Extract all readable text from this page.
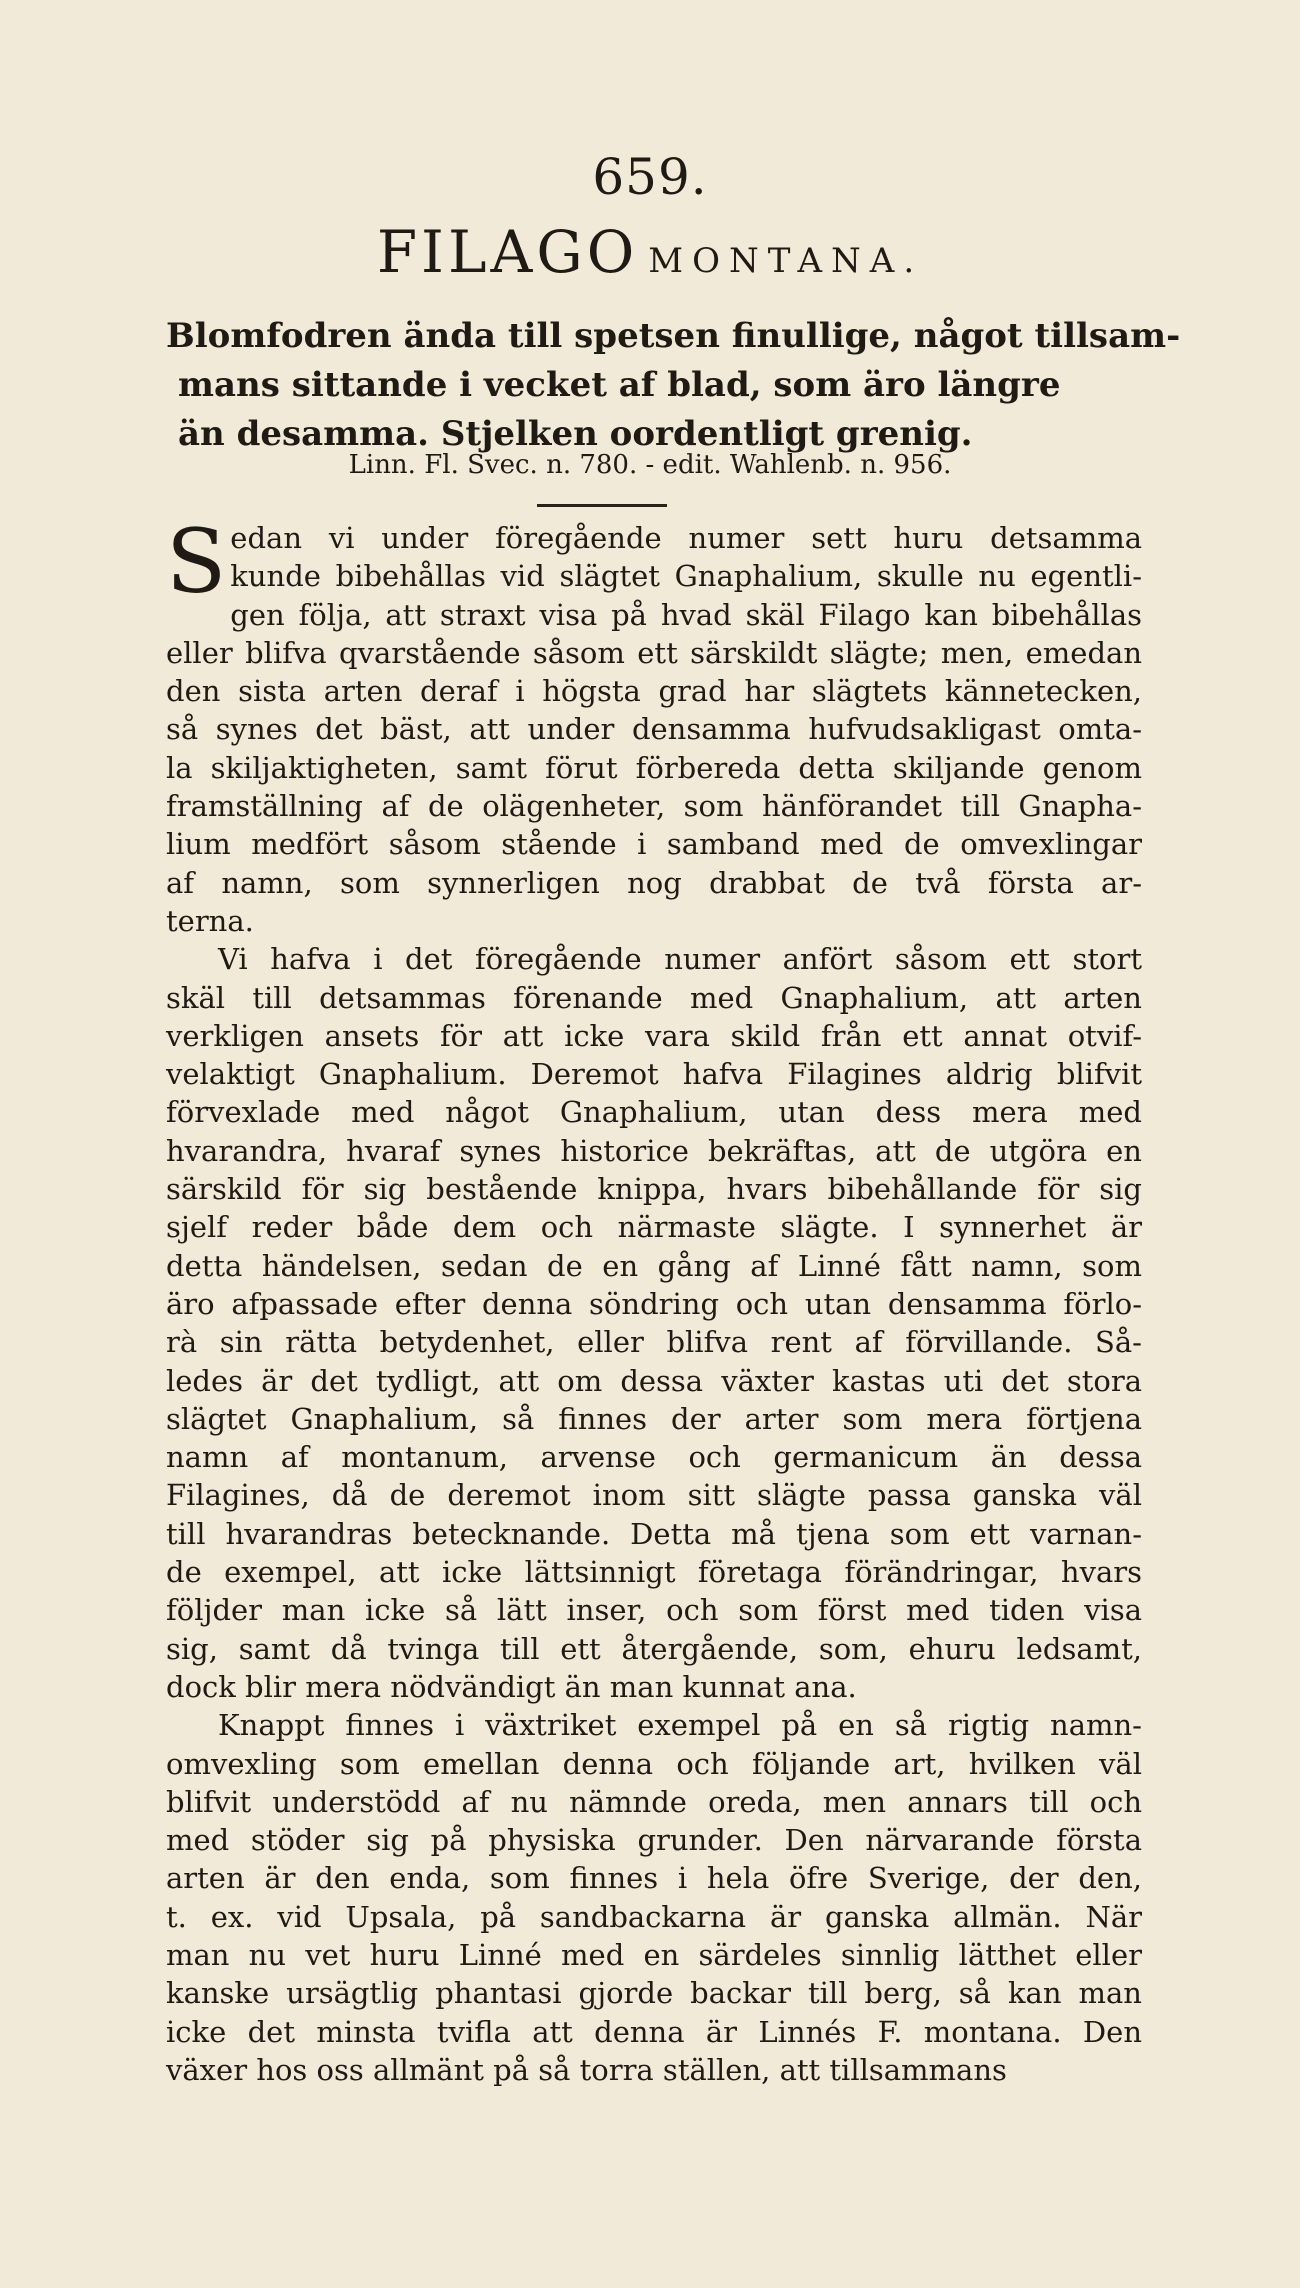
659.
FILAGO MONTANA.
Blomfodren ända till spetsen finullige, något tillsam-
mans sittande i vecket af blad, som äro längre
än desamma. Stjelken oordentligt grenig.
Linn. Fl. Svec. n. 780. - edit. Wahlenb. n. 956.
S edan vi under föregående numer sett huru detsamma
kunde bibehållas vid slägtet Gnaphalium, skulle nu egentli-
gen följa, att straxt visa på hvad skäl Filago kan bibehållas
eller blifva qvarstående såsom ett särskildt slägte; men, emedan
den sista arten deraf i högsta grad har slägtets kännetecken,
så synes det bäst, att under densamma hufvudsakligast omta-
la skiljaktigheten, samt förut förbereda detta skiljande genom
framställning af de olägenheter, som hänförandet till Gnapha-
lium medfört såsom stående i samband med de omvexlingar
af namn, som synnerligen nog drabbat de två första ar-
terna.
Vi hafva i det föregående numer anfört såsom ett stort
skäl till detsammas förenande med Gnaphalium, att arten
verkligen ansets för att icke vara skild från ett annat otvif-
velaktigt Gnaphalium. Deremot hafva Filagines aldrig blifvit
förvexlade med något Gnaphalium, utan dess mera med
hvarandra, hvaraf synes historice bekräftas, att de utgöra en
särskild för sig bestående knippa, hvars bibehållande för sig
sjelf reder både dem och närmaste slägte. I synnerhet är
detta händelsen, sedan de en gång af Linné fått namn, som
äro afpassade efter denna söndring och utan densamma förlo-
rà sin rätta betydenhet, eller blifva rent af förvillande. Så-
ledes är det tydligt, att om dessa växter kastas uti det stora
slägtet Gnaphalium, så finnes der arter som mera förtjena
namn af montanum, arvense och germanicum än dessa
Filagines, då de deremot inom sitt slägte passa ganska väl
till hvarandras betecknande. Detta må tjena som ett varnan-
de exempel, att icke lättsinnigt företaga förändringar, hvars
följder man icke så lätt inser, och som först med tiden visa
sig, samt då tvinga till ett återgående, som, ehuru ledsamt,
dock blir mera nödvändigt än man kunnat ana.
Knappt finnes i växtriket exempel på en så rigtig namn-
omvexling som emellan denna och följande art, hvilken väl
blifvit understödd af nu nämnde oreda, men annars till och
med stöder sig på physiska grunder. Den närvarande första
arten är den enda, som finnes i hela öfre Sverige, der den,
t. ex. vid Upsala, på sandbackarna är ganska allmän. När
man nu vet huru Linné med en särdeles sinnlig lätthet eller
kanske ursägtlig phantasi gjorde backar till berg, så kan man
icke det minsta tvifla att denna är Linnés F. montana. Den
växer hos oss allmänt på så torra ställen, att tillsammans
